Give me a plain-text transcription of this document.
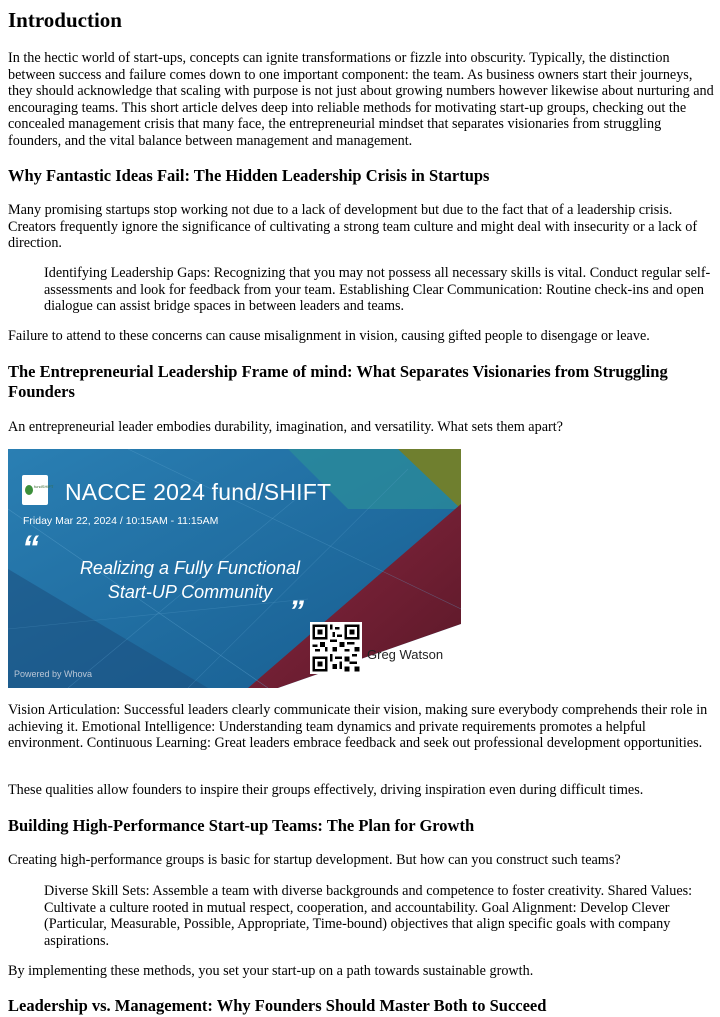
Introduction

In the hectic world of start-ups, concepts can ignite transformations or fizzle into obscurity. Typically, the distinction between success and failure comes down to one important component: the team. As business owners start their journeys, they should acknowledge that scaling with purpose is not just about growing numbers however likewise about nurturing and encouraging teams. This short article delves deep into reliable methods for motivating start-up groups, checking out the concealed management crisis that many face, the entrepreneurial mindset that separates visionaries from struggling founders, and the vital balance between management and management.

Why Fantastic Ideas Fail: The Hidden Leadership Crisis in Startups

Many promising startups stop working not due to a lack of development but due to the fact that of a leadership crisis. Creators frequently ignore the significance of cultivating a strong team culture and might deal with insecurity or a lack of direction.

Identifying Leadership Gaps: Recognizing that you may not possess all necessary skills is vital. Conduct regular self-assessments and look for feedback from your team. Establishing Clear Communication: Routine check-ins and open dialogue can assist bridge spaces in between leaders and teams.

Failure to attend to these concerns can cause misalignment in vision, causing gifted people to disengage or leave.

The Entrepreneurial Leadership Frame of mind: What Separates Visionaries from Struggling Founders

An entrepreneurial leader embodies durability, imagination, and versatility. What sets them apart?

fundSHIFT NACCE 2024 fund/SHIFT
Friday Mar 22, 2024 / 10:15AM - 11:15AM
“
Realizing a Fully Functional
Start-UP Community
”
Greg Watson
Powered by Whova

Vision Articulation: Successful leaders clearly communicate their vision, making sure everybody comprehends their role in achieving it. Emotional Intelligence: Understanding team dynamics and private requirements promotes a helpful environment. Continuous Learning: Great leaders embrace feedback and seek out professional development opportunities.

These qualities allow founders to inspire their groups effectively, driving inspiration even during difficult times.

Building High-Performance Start-up Teams: The Plan for Growth

Creating high-performance groups is basic for startup development. But how can you construct such teams?

Diverse Skill Sets: Assemble a team with diverse backgrounds and competence to foster creativity. Shared Values: Cultivate a culture rooted in mutual respect, cooperation, and accountability. Goal Alignment: Develop Clever (Particular, Measurable, Possible, Appropriate, Time-bound) objectives that align specific goals with company aspirations.

By implementing these methods, you set your start-up on a path towards sustainable growth.

Leadership vs. Management: Why Founders Should Master Both to Succeed
